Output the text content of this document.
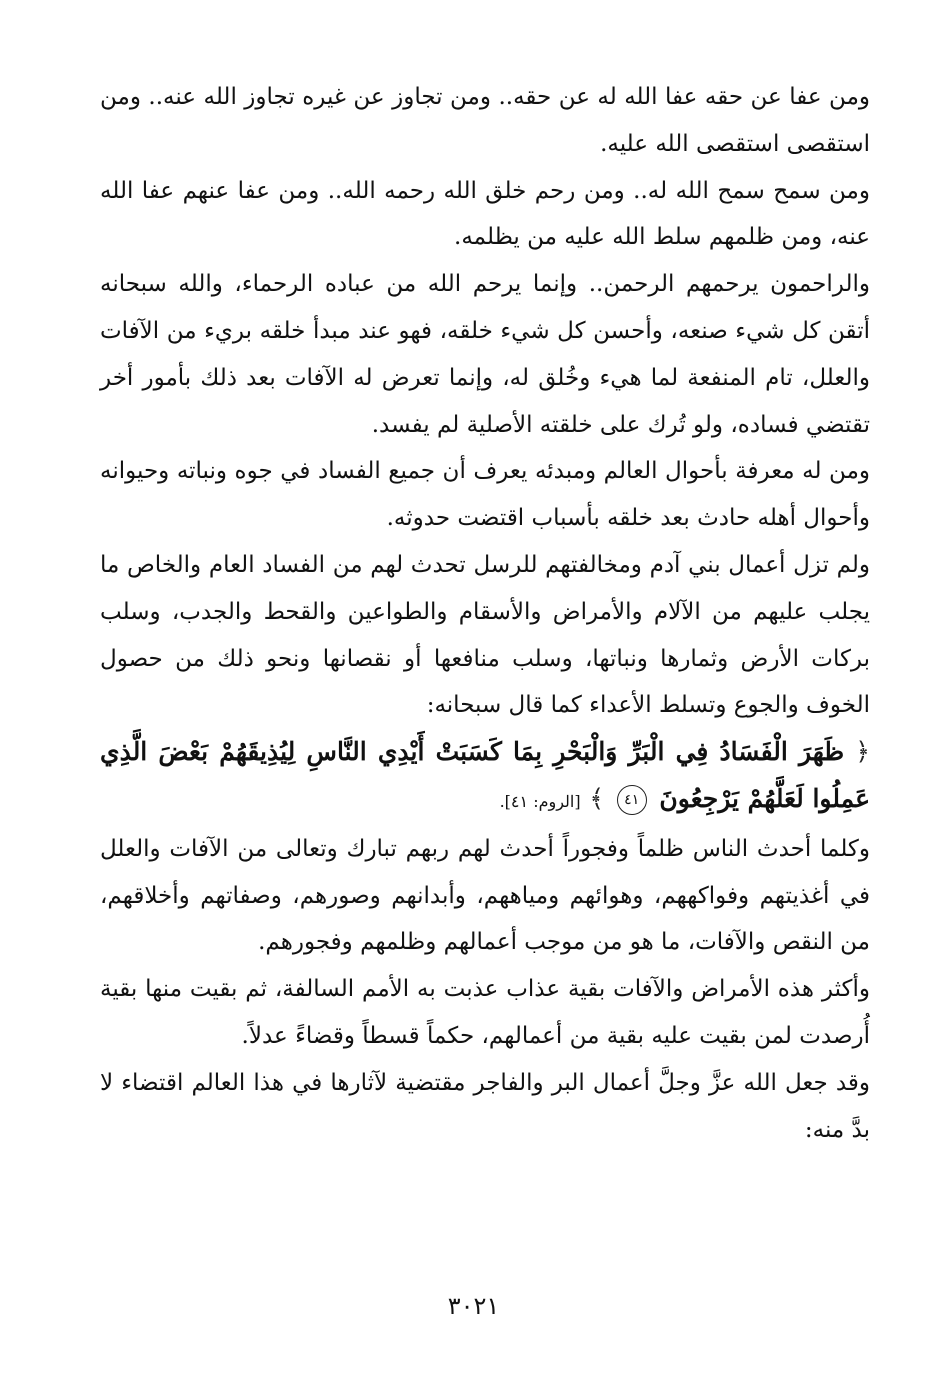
ومن عفا عن حقه عفا الله له عن حقه.. ومن تجاوز عن غيره تجاوز الله عنه.. ومن استقصى استقصى الله عليه.

ومن سمح سمح الله له.. ومن رحم خلق الله رحمه الله.. ومن عفا عنهم عفا الله عنه، ومن ظلمهم سلط الله عليه من يظلمه.

والراحمون يرحمهم الرحمن.. وإنما يرحم الله من عباده الرحماء، والله سبحانه أتقن كل شيء صنعه، وأحسن كل شيء خلقه، فهو عند مبدأ خلقه بريء من الآفات والعلل، تام المنفعة لما هيء وخُلق له، وإنما تعرض له الآفات بعد ذلك بأمور أخر تقتضي فساده، ولو تُرك على خلقته الأصلية لم يفسد.

ومن له معرفة بأحوال العالم ومبدئه يعرف أن جميع الفساد في جوه ونباته وحيوانه وأحوال أهله حادث بعد خلقه بأسباب اقتضت حدوثه.

ولم تزل أعمال بني آدم ومخالفتهم للرسل تحدث لهم من الفساد العام والخاص ما يجلب عليهم من الآلام والأمراض والأسقام والطواعين والقحط والجدب، وسلب بركات الأرض وثمارها ونباتها، وسلب منافعها أو نقصانها ونحو ذلك من حصول الخوف والجوع وتسلط الأعداء كما قال سبحانه:

﴿ ظَهَرَ الْفَسَادُ فِي الْبَرِّ وَالْبَحْرِ بِمَا كَسَبَتْ أَيْدِي النَّاسِ لِيُذِيقَهُمْ بَعْضَ الَّذِي عَمِلُوا لَعَلَّهُمْ يَرْجِعُونَ ٤١ ﴾ [الروم: ٤١].

وكلما أحدث الناس ظلماً وفجوراً أحدث لهم ربهم تبارك وتعالى من الآفات والعلل في أغذيتهم وفواكههم، وهوائهم ومياههم، وأبدانهم وصورهم، وصفاتهم وأخلاقهم، من النقص والآفات، ما هو من موجب أعمالهم وظلمهم وفجورهم.

وأكثر هذه الأمراض والآفات بقية عذاب عذبت به الأمم السالفة، ثم بقيت منها بقية أُرصدت لمن بقيت عليه بقية من أعمالهم، حكماً قسطاً وقضاءً عدلاً.

وقد جعل الله عزَّ وجلَّ أعمال البر والفاجر مقتضية لآثارها في هذا العالم اقتضاء لا بدَّ منه:

٣٠٢١
